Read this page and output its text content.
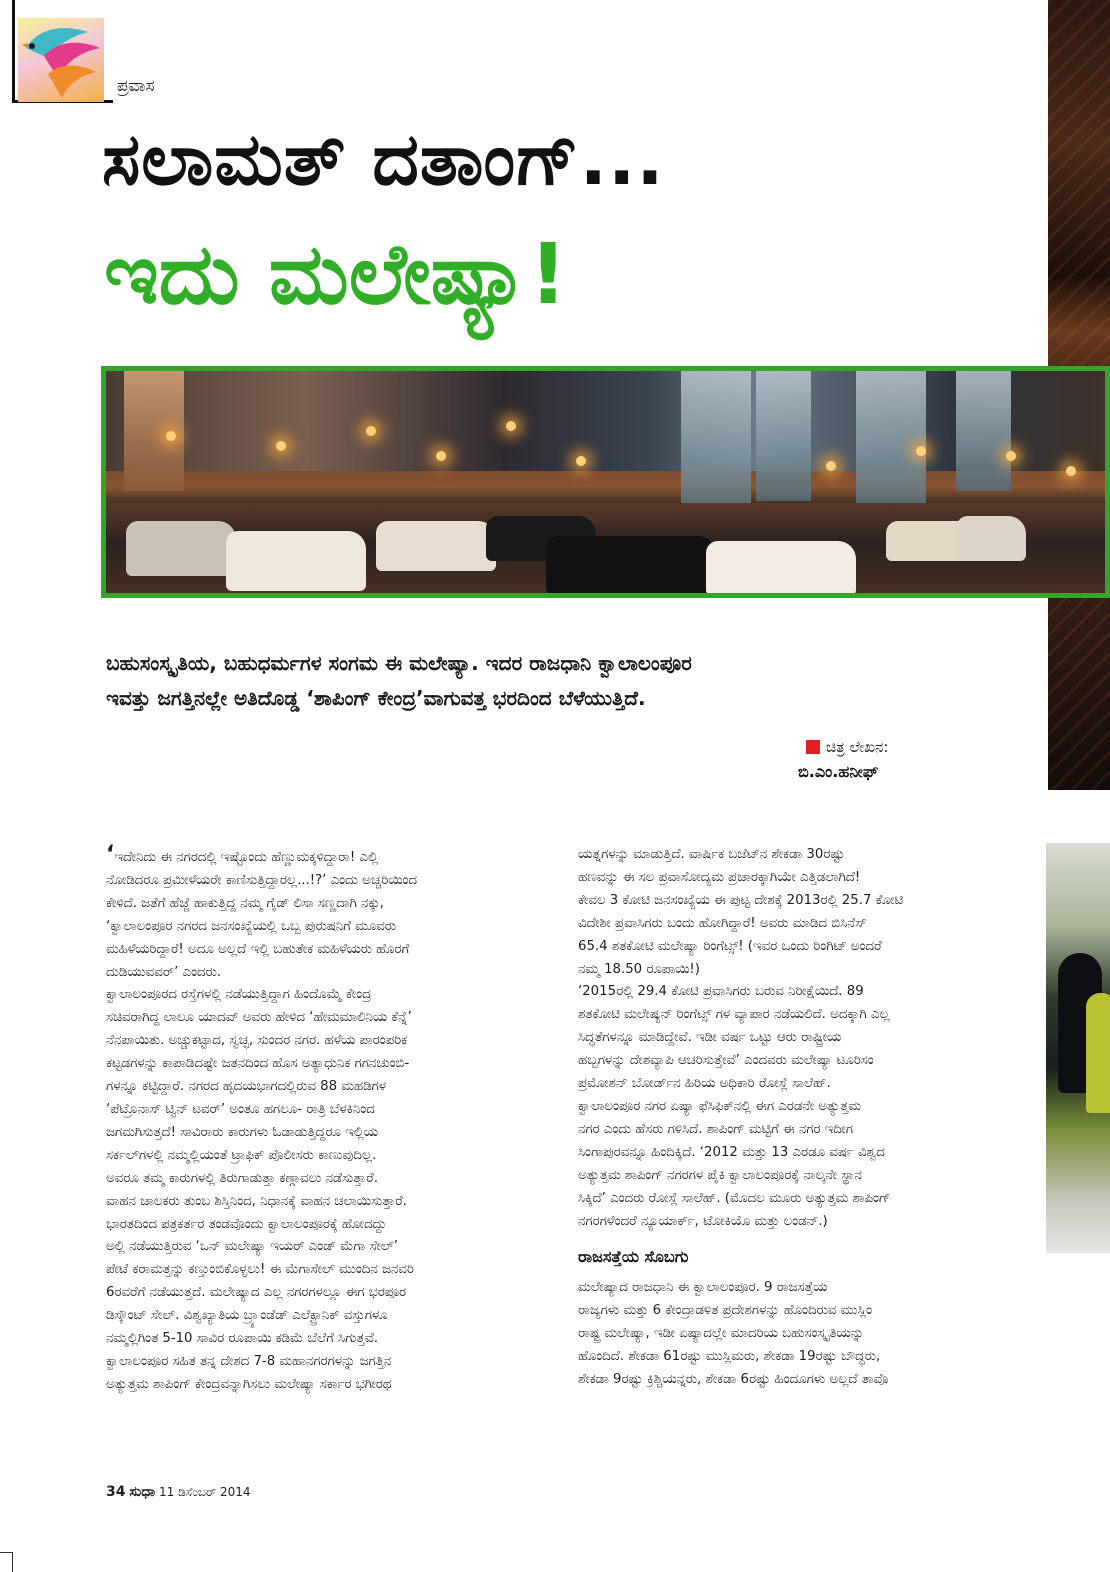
ಪ್ರವಾಸ
ಸಲಾಮತ್ ದತಾಂಗ್...
ಇದು ಮಲೇಷ್ಯಾ!

ಬಹುಸಂಸ್ಕೃತಿಯ, ಬಹುಧರ್ಮಗಳ ಸಂಗಮ ಈ ಮಲೇಷ್ಯಾ. ಇದರ ರಾಜಧಾನಿ ಕ್ವಾಲಾಲಂಪೂರ

ಇವತ್ತು ಜಗತ್ತಿನಲ್ಲೇ ಅತಿದೊಡ್ಡ ‘ಶಾಪಿಂಗ್ ಕೇಂದ್ರ’ವಾಗುವತ್ತ ಭರದಿಂದ ಬೆಳೆಯುತ್ತಿದೆ.

ಚಿತ್ರ ಲೇಖನ:
ಬಿ.ಎಂ.ಹನೀಫ್
‘ಇದೇನಿದು ಈ ನಗರದಲ್ಲಿ ಇಷ್ಟೊಂದು ಹೆಣ್ಣುಮಕ್ಕಳಿದ್ದಾರಾ! ಎಲ್ಲಿ
ನೋಡಿದರೂ ಪ್ರಮೀಳೆಯರೇ ಕಾಣಿಸುತ್ತಿದ್ದಾರಲ್ಲ...!?’ ಎಂದು ಅಚ್ಚರಿಯಿಂದ
ಕೇಳಿದೆ. ಜತೆಗೆ ಹೆಜ್ಜೆ ಹಾಕುತ್ತಿದ್ದ ನಮ್ಮ ಗೈಡ್ ಲಿಸಾ ಸಣ್ಣದಾಗಿ ನಕ್ಕು,
‘ಕ್ವಾಲಾಲಂಪೂರ ನಗರದ ಜನಸಂಖ್ಯೆಯಲ್ಲಿ ಒಬ್ಬ ಪುರುಷನಿಗೆ ಮೂವರು
ಮಹಿಳೆಯರಿದ್ದಾರೆ! ಅದೂ ಅಲ್ಲದೆ ಇಲ್ಲಿ ಬಹುತೇಕ ಮಹಿಳೆಯರು ಹೊರಗೆ
ದುಡಿಯುವವರ್’ ಎಂದರು.
ಕ್ವಾಲಾಲಂಪೂರದ ರಸ್ತೆಗಳಲ್ಲಿ ನಡೆಯುತ್ತಿದ್ದಾಗ ಹಿಂದೊಮ್ಮೆ ಕೇಂದ್ರ
ಸಚಿವರಾಗಿದ್ದ ಲಾಲೂ ಯಾದವ್ ಅವರು ಹೇಳಿದ ‘ಹೇಮಮಾಲಿನಿಯ ಕೆನ್ನೆ’
ನೆನಪಾಯಿತು. ಅಚ್ಚುಕಟ್ಟಾದ, ಸ್ವಚ್ಛ, ಸುಂದರ ನಗರ. ಹಳೆಯ ಪಾರಂಪರಿಕ
ಕಟ್ಟಡಗಳನ್ನು ಕಾಪಾಡಿದಷ್ಟೇ ಜತನದಿಂದ ಹೊಸ ಅತ್ಯಾಧುನಿಕ ಗಗನಚುಂಬಿ-
ಗಳನ್ನೂ ಕಟ್ಟಿದ್ದಾರೆ. ನಗರದ ಹೃದಯಭಾಗದಲ್ಲಿರುವ 88 ಮಹಡಿಗಳ
‘ಪೆಟ್ರೊನಾಸ್ ಟ್ವಿನ್ ಟವರ್’ ಅಂತೂ ಹಗಲೂ- ರಾತ್ರಿ ಬೆಳಕಿನಿಂದ
ಜಗಮಗಿಸುತ್ತದೆ! ಸಾವಿರಾರು ಕಾರುಗಳು ಓಡಾಡುತ್ತಿದ್ದರೂ ಇಲ್ಲಿಯ
ಸರ್ಕಲ್‌ಗಳಲ್ಲಿ ನಮ್ಮಲ್ಲಿಯಂತೆ ಟ್ರಾಫಿಕ್ ಪೊಲೀಸರು ಕಾಣುವುದಿಲ್ಲ.
ಅವರೂ ತಮ್ಮ ಕಾರುಗಳಲ್ಲಿ ತಿರುಗಾಡುತ್ತಾ ಕಣ್ಗಾವಲು ನಡೆಸುತ್ತಾರೆ.
ವಾಹನ ಚಾಲಕರು ತುಂಬ ಶಿಸ್ತಿನಿಂದ, ನಿಧಾನಕ್ಕೆ ವಾಹನ ಚಲಾಯಿಸುತ್ತಾರೆ.
ಭಾರತದಿಂದ ಪತ್ರಕರ್ತರ ತಂಡವೊಂದು ಕ್ವಾಲಾಲಂಪೂರಕ್ಕೆ ಹೋದದ್ದು
ಅಲ್ಲಿ ನಡೆಯುತ್ತಿರುವ ‘ಒನ್ ಮಲೇಷ್ಯಾ ಇಯರ್ ಎಂಡ್ ಮೆಗಾ ಸೇಲ್’
ಪೇಟೆ ಕರಾಮತ್ತನ್ನು ಕಣ್ತುಂಬಿಕೊಳ್ಳಲು! ಈ ಮೆಗಾಸೇಲ್ ಮುಂದಿನ ಜನವರಿ
6ರವರೆಗೆ ನಡೆಯುತ್ತದೆ. ಮಲೇಷ್ಯಾದ ಎಲ್ಲ ನಗರಗಳಲ್ಲೂ ಈಗ ಭರಪೂರ
ಡಿಸ್ಕೌಂಟ್ ಸೇಲ್. ವಿಶ್ವಖ್ಯಾತಿಯ ಬ್ರ್ಯಾಂಡೆಡ್ ಎಲೆಕ್ಟ್ರಾನಿಕ್ ವಸ್ತುಗಳೂ
ನಮ್ಮಲ್ಲಿಗಿಂತ 5-10 ಸಾವಿರ ರೂಪಾಯಿ ಕಡಿಮೆ ಬೆಲೆಗೆ ಸಿಗುತ್ತವೆ.
ಕ್ವಾಲಾಲಂಪೂರ ಸಹಿತ ತನ್ನ ದೇಶದ 7-8 ಮಹಾನಗರಗಳನ್ನು ಜಗತ್ತಿನ
ಅತ್ಯುತ್ತಮ ಶಾಪಿಂಗ್ ಕೇಂದ್ರವನ್ನಾಗಿಸಲು ಮಲೇಷ್ಯಾ ಸರ್ಕಾರ ಭಗೀರಥ
ಯತ್ನಗಳನ್ನು ಮಾಡುತ್ತಿದೆ. ವಾರ್ಷಿಕ ಬಜೆಟ್‌ನ ಶೇಕಡಾ 30ರಷ್ಟು
ಹಣವನ್ನು ಈ ಸಲ ಪ್ರವಾಸೋದ್ಯಮ ಪ್ರಚಾರಕ್ಕಾಗಿಯೇ ಎತ್ತಿಡಲಾಗಿದೆ!
ಕೇವಲ 3 ಕೋಟಿ ಜನಸಂಖ್ಯೆಯ ಈ ಪುಟ್ಟ ದೇಶಕ್ಕೆ 2013ರಲ್ಲಿ 25.7 ಕೋಟಿ
ವಿದೇಶೀ ಪ್ರವಾಸಿಗರು ಬಂದು ಹೋಗಿದ್ದಾರೆ! ಅವರು ಮಾಡಿದ ಬಿಸಿನೆಸ್
65.4 ಶತಕೋಟಿ ಮಲೇಷ್ಯಾ ರಿಂಗೆಟ್ಸ್! (ಇವರ ಒಂದು ರಿಂಗಿಟ್ ಅಂದರೆ
ನಮ್ಮ 18.50 ರೂಪಾಯಿ!)
‘2015ರಲ್ಲಿ 29.4 ಕೋಟಿ ಪ್ರವಾಸಿಗರು ಬರುವ ನಿರೀಕ್ಷೆಯಿದೆ. 89
ಶತಕೋಟಿ ಮಲೇಷ್ಯನ್ ರಿಂಗೆಟ್ಸ್ ಗಳ ವ್ಯಾಪಾರ ನಡೆಯಲಿದೆ. ಅದಕ್ಕಾಗಿ ಎಲ್ಲ
ಸಿದ್ಧತೆಗಳನ್ನೂ ಮಾಡಿದ್ದೇವೆ. ಇಡೀ ವರ್ಷ ಒಟ್ಟು ಆರು ರಾಷ್ಟ್ರೀಯ
ಹಬ್ಬಗಳನ್ನು ದೇಶವ್ಯಾಪಿ ಆಚರಿಸುತ್ತೇವೆ’ ಎಂದವರು ಮಲೇಷ್ಯಾ ಟೂರಿಸಂ
ಪ್ರಮೋಶನ್ ಬೋರ್ಡ್‌ನ ಹಿರಿಯ ಅಧಿಕಾರಿ ರೋಸ್ಲೆ ಸಾಲೆಹ್.
ಕ್ವಾಲಾಲಂಪೂರ ನಗರ ಏಷ್ಯಾ ಫೆಸಿಫಿಕ್‌ನಲ್ಲಿ ಈಗ ಎರಡನೇ ಅತ್ಯುತ್ತಮ
ನಗರ ಎಂದು ಹೆಸರು ಗಳಿಸಿದೆ. ಶಾಪಿಂಗ್ ಮಟ್ಟಿಗೆ ಈ ನಗರ ಇದೀಗ
ಸಿಂಗಾಪುರವನ್ನೂ ಹಿಂದಿಕ್ಕಿದೆ. ‘2012 ಮತ್ತು 13 ಎರಡೂ ವರ್ಷ ವಿಶ್ವದ
ಅತ್ಯುತ್ತಮ ಶಾಪಿಂಗ್ ನಗರಗಳ ಪೈಕಿ ಕ್ವಾಲಾಲಂಪೂರಕ್ಕೆ ನಾಲ್ಕನೇ ಸ್ಥಾನ
ಸಿಕ್ಕಿದೆ’ ಎಂದರು ರೋಸ್ಲೆ ಸಾಲೆಹ್. (ಮೊದಲ ಮೂರು ಅತ್ಯುತ್ತಮ ಶಾಪಿಂಗ್
ನಗರಗಳೆಂದರೆ ನ್ಯೂಯಾರ್ಕ್, ಟೋಕಿಯೊ ಮತ್ತು ಲಂಡನ್.)
ರಾಜಸತ್ತೆಯ ಸೊಬಗು
ಮಲೇಷ್ಯಾದ ರಾಜಧಾನಿ ಈ ಕ್ವಾಲಾಲಂಪೂರ. 9 ರಾಜಸತ್ತೆಯ
ರಾಜ್ಯಗಳು ಮತ್ತು 6 ಕೇಂದ್ರಾಡಳಿತ ಪ್ರದೇಶಗಳನ್ನು ಹೊಂದಿರುವ ಮುಸ್ಲಿಂ
ರಾಷ್ಟ್ರ ಮಲೇಷ್ಯಾ, ಇಡೀ ಏಷ್ಯಾದಲ್ಲೇ ಮಾದರಿಯ ಬಹುಸಂಸ್ಕೃತಿಯನ್ನು
ಹೊಂದಿದೆ. ಶೇಕಡಾ 61ರಷ್ಟು ಮುಸ್ಲಿಮರು, ಶೇಕಡಾ 19ರಷ್ಟು ಬೌದ್ಧರು,
ಶೇಕಡಾ 9ರಷ್ಟು ಕ್ರಿಶ್ಚಿಯನ್ನರು, ಶೇಕಡಾ 6ರಷ್ಟು ಹಿಂದೂಗಳು ಅಲ್ಲದೆ ತಾವೊ
34 ಸುಧಾ 11 ಡಿಸೆಂಬರ್ 2014
